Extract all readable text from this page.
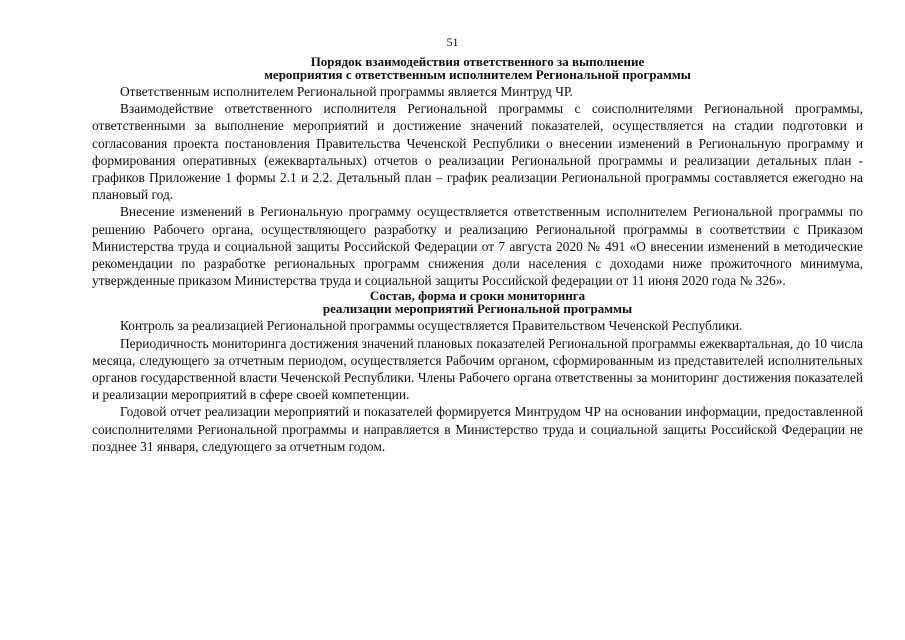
51
Порядок взаимодействия ответственного за выполнение
мероприятия с ответственным исполнителем Региональной программы

Ответственным исполнителем Региональной программы является Минтруд ЧР.

Взаимодействие ответственного исполнителя Региональной программы с соисполнителями Региональной программы, ответственными за выполнение мероприятий и достижение значений показателей, осуществляется на стадии подготовки и согласования проекта постановления Правительства Чеченской Республики о внесении изменений в Региональную программу и формирования оперативных (ежеквартальных) отчетов о реализации Региональной программы и реализации детальных план - графиков Приложение 1 формы 2.1 и 2.2. Детальный план – график реализации Региональной программы составляется ежегодно на плановый год.

Внесение изменений в Региональную программу осуществляется ответственным исполнителем Региональной программы по решению Рабочего органа, осуществляющего разработку и реализацию Региональной программы в соответствии с Приказом Министерства труда и социальной защиты Российской Федерации от 7 августа 2020 № 491 «О внесении изменений в методические рекомендации по разработке региональных программ снижения доли населения с доходами ниже прожиточного минимума, утвержденные приказом Министерства труда и социальной защиты Российской федерации от 11 июня 2020 года № 326».

Состав, форма и сроки мониторинга
реализации мероприятий Региональной программы

Контроль за реализацией Региональной программы осуществляется Правительством Чеченской Республики.

Периодичность мониторинга достижения значений плановых показателей Региональной программы ежеквартальная, до 10 числа месяца, следующего за отчетным периодом, осуществляется Рабочим органом, сформированным из представителей исполнительных органов государственной власти Чеченской Республики. Члены Рабочего органа ответственны за мониторинг достижения показателей и реализации мероприятий в сфере своей компетенции.

Годовой отчет реализации мероприятий и показателей формируется Минтрудом ЧР на основании информации, предоставленной соисполнителями Региональной программы и направляется в Министерство труда и социальной защиты Российской Федерации не позднее 31 января, следующего за отчетным годом.
